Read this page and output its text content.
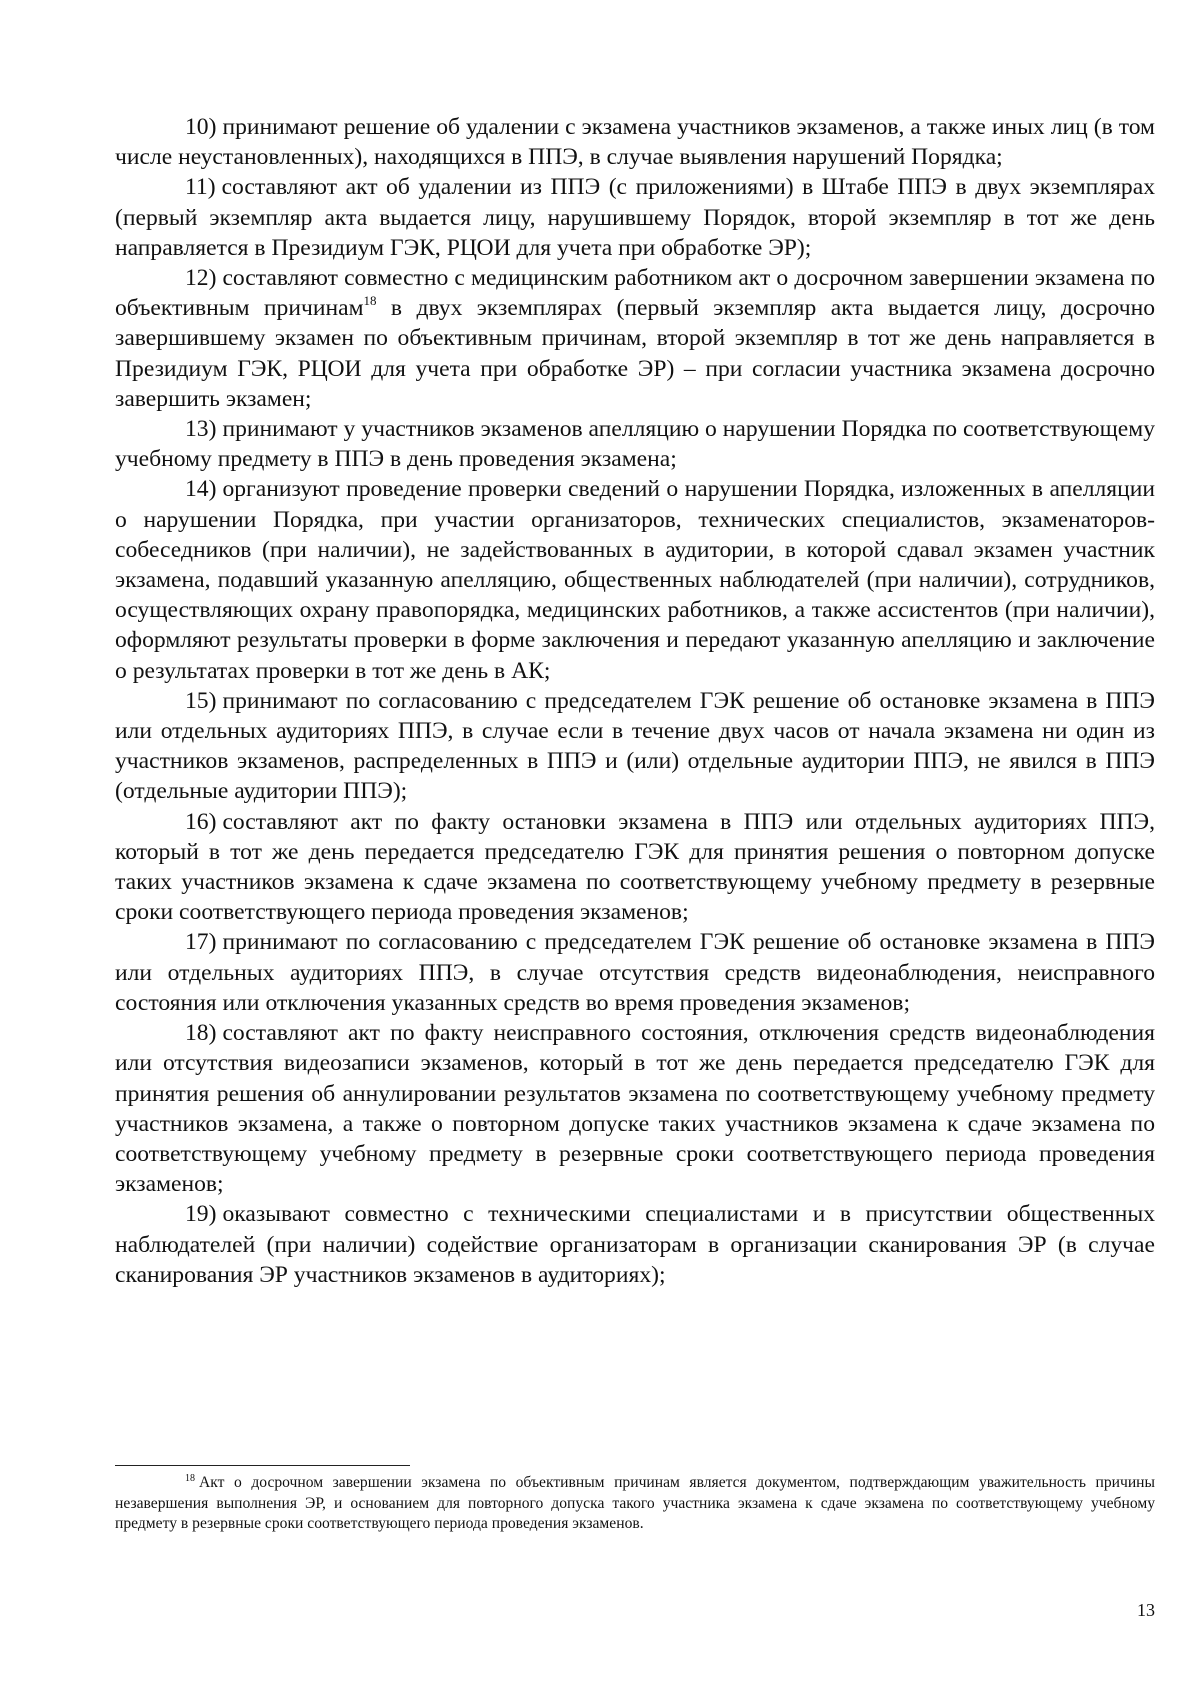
10) принимают решение об удалении с экзамена участников экзаменов, а также иных лиц (в том числе неустановленных), находящихся в ППЭ, в случае выявления нарушений Порядка;

11) составляют акт об удалении из ППЭ (с приложениями) в Штабе ППЭ в двух экземплярах (первый экземпляр акта выдается лицу, нарушившему Порядок, второй экземпляр в тот же день направляется в Президиум ГЭК, РЦОИ для учета при обработке ЭР);

12) составляют совместно с медицинским работником акт о досрочном завершении экзамена по объективным причинам$^{18}$ в двух экземплярах (первый экземпляр акта выдается лицу, досрочно завершившему экзамен по объективным причинам, второй экземпляр в тот же день направляется в Президиум ГЭК, РЦОИ для учета при обработке ЭР) – при согласии участника экзамена досрочно завершить экзамен;

13) принимают у участников экзаменов апелляцию о нарушении Порядка по соответствующему учебному предмету в ППЭ в день проведения экзамена;

14) организуют проведение проверки сведений о нарушении Порядка, изложенных в апелляции о нарушении Порядка, при участии организаторов, технических специалистов, экзаменаторов-собеседников (при наличии), не задействованных в аудитории, в которой сдавал экзамен участник экзамена, подавший указанную апелляцию, общественных наблюдателей (при наличии), сотрудников, осуществляющих охрану правопорядка, медицинских работников, а также ассистентов (при наличии), оформляют результаты проверки в форме заключения и передают указанную апелляцию и заключение о результатах проверки в тот же день в АК;

15) принимают по согласованию с председателем ГЭК решение об остановке экзамена в ППЭ или отдельных аудиториях ППЭ, в случае если в течение двух часов от начала экзамена ни один из участников экзаменов, распределенных в ППЭ и (или) отдельные аудитории ППЭ, не явился в ППЭ (отдельные аудитории ППЭ);

16) составляют акт по факту остановки экзамена в ППЭ или отдельных аудиториях ППЭ, который в тот же день передается председателю ГЭК для принятия решения о повторном допуске таких участников экзамена к сдаче экзамена по соответствующему учебному предмету в резервные сроки соответствующего периода проведения экзаменов;

17) принимают по согласованию с председателем ГЭК решение об остановке экзамена в ППЭ или отдельных аудиториях ППЭ, в случае отсутствия средств видеонаблюдения, неисправного состояния или отключения указанных средств во время проведения экзаменов;

18) составляют акт по факту неисправного состояния, отключения средств видеонаблюдения или отсутствия видеозаписи экзаменов, который в тот же день передается председателю ГЭК для принятия решения об аннулировании результатов экзамена по соответствующему учебному предмету участников экзамена, а также о повторном допуске таких участников экзамена к сдаче экзамена по соответствующему учебному предмету в резервные сроки соответствующего периода проведения экзаменов;

19) оказывают совместно с техническими специалистами и в присутствии общественных наблюдателей (при наличии) содействие организаторам в организации сканирования ЭР (в случае сканирования ЭР участников экзаменов в аудиториях);

$^{18}$ Акт о досрочном завершении экзамена по объективным причинам является документом, подтверждающим уважительность причины незавершения выполнения ЭР, и основанием для повторного допуска такого участника экзамена к сдаче экзамена по соответствующему учебному предмету в резервные сроки соответствующего периода проведения экзаменов.

13
